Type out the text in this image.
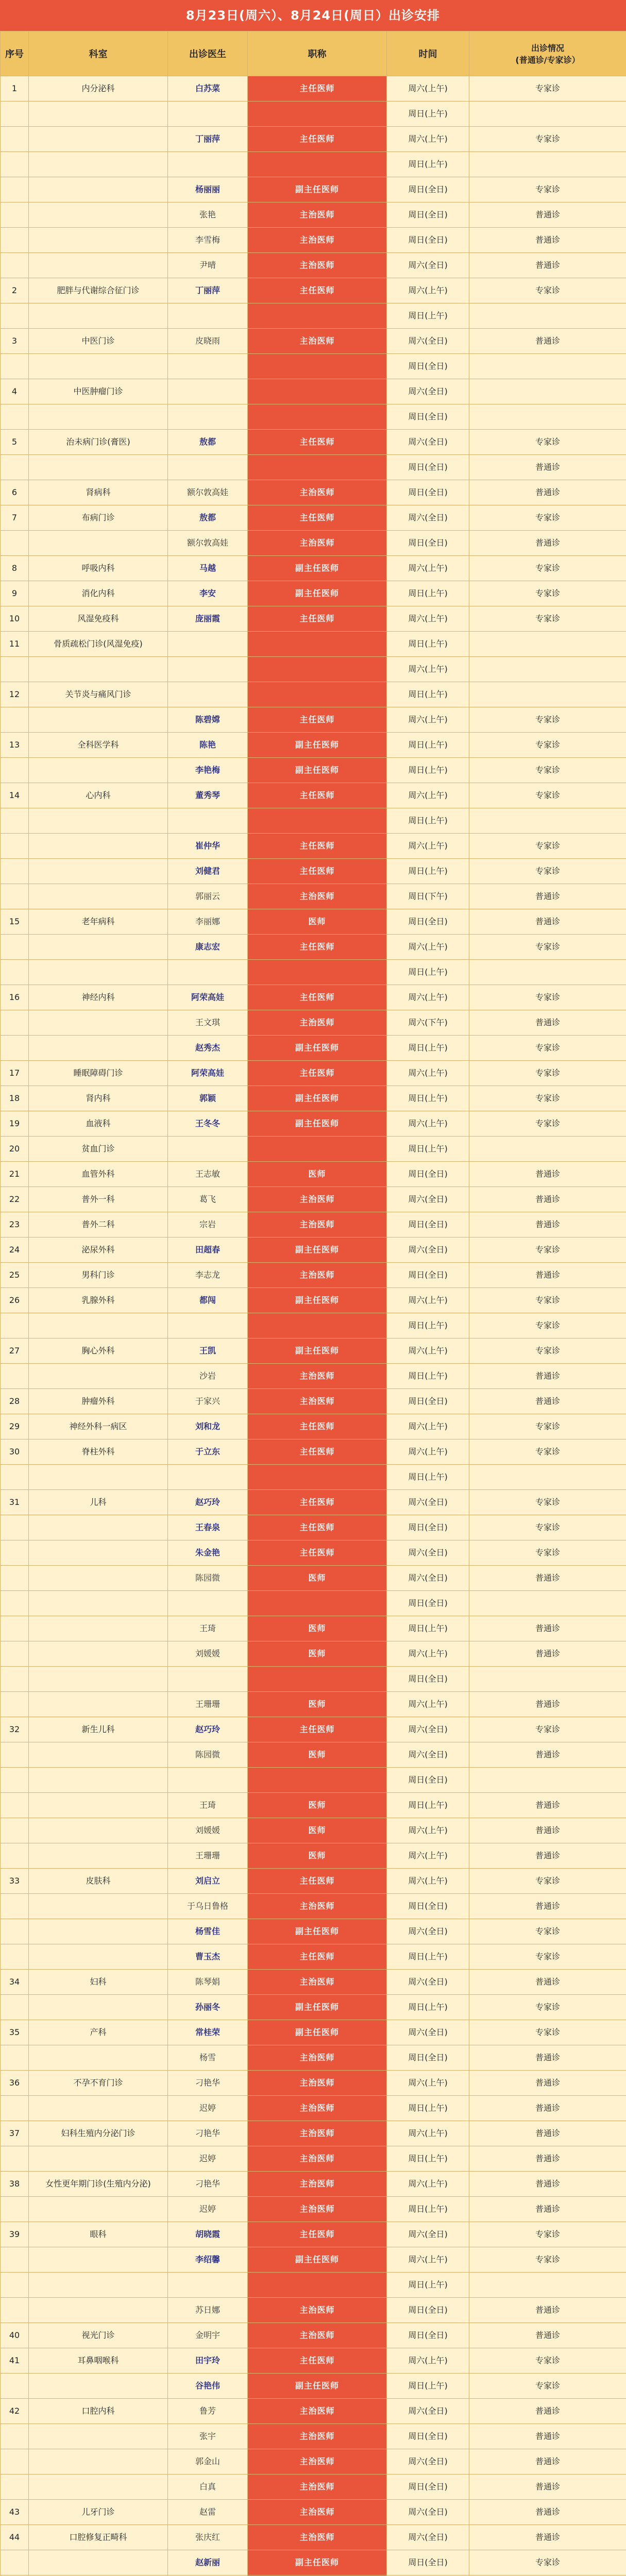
8月23日(周六）、8月24日(周日）出诊安排
序号	科室	出诊医生	职称	时间	出诊情况
(普通诊/专家诊）

1	内分泌科	白苏菜	主任医师	周六(上午)	专家诊
				周日(上午)	
		丁丽萍	主任医师	周六(上午)	专家诊
				周日(上午)	
		杨丽丽	副主任医师	周日(全日)	专家诊
		张艳	主治医师	周日(全日)	普通诊
		李雪梅	主治医师	周日(全日)	普通诊
		尹晴	主治医师	周六(全日)	普通诊
2	肥胖与代谢综合征门诊	丁丽萍	主任医师	周六(上午)	专家诊
				周日(上午)	
3	中医门诊	皮晓雨	主治医师	周六(全日)	普通诊
				周日(全日)	
4	中医肿瘤门诊			周六(全日)	
				周日(全日)	
5	治未病门诊(膏医)	敖都	主任医师	周六(全日)	专家诊
				周日(全日)	普通诊
6	肾病科	额尔敦高娃	主治医师	周日(全日)	普通诊
7	布病门诊	敖都	主任医师	周六(全日)	专家诊
		额尔敦高娃	主治医师	周日(全日)	普通诊
8	呼吸内科	马越	副主任医师	周六(上午)	专家诊
9	消化内科	李安	副主任医师	周日(上午)	专家诊
10	风湿免疫科	庞丽霞	主任医师	周六(上午)	专家诊
11	骨质疏松门诊(风湿免疫)			周日(上午)	
				周六(上午)	
12	关节炎与痛风门诊			周日(上午)	
		陈碧嫦	主任医师	周六(上午)	专家诊
13	全科医学科	陈艳	副主任医师	周日(上午)	专家诊
		李艳梅	副主任医师	周日(上午)	专家诊
14	心内科	董秀琴	主任医师	周六(上午)	专家诊
				周日(上午)	
		崔仲华	主任医师	周六(上午)	专家诊
		刘健君	主任医师	周日(上午)	专家诊
		郭丽云	主治医师	周日(下午)	普通诊
15	老年病科	李丽娜	医师	周日(全日)	普通诊
		康志宏	主任医师	周六(上午)	专家诊
				周日(上午)	
16	神经内科	阿荣高娃	主任医师	周六(上午)	专家诊
		王文琪	主治医师	周六(下午)	普通诊
		赵秀杰	副主任医师	周日(上午)	专家诊
17	睡眠障碍门诊	阿荣高娃	主任医师	周六(上午)	专家诊
18	肾内科	郭颖	副主任医师	周日(上午)	专家诊
19	血液科	王冬冬	副主任医师	周六(上午)	专家诊
20	贫血门诊			周日(上午)	
21	血管外科	王志敏	医师	周日(全日)	普通诊
22	普外一科	葛飞	主治医师	周六(全日)	普通诊
23	普外二科	宗岩	主治医师	周日(全日)	普通诊
24	泌尿外科	田超春	副主任医师	周六(全日)	专家诊
25	男科门诊	李志龙	主治医师	周日(全日)	普通诊
26	乳腺外科	都闯	副主任医师	周六(上午)	专家诊
				周日(上午)	专家诊
27	胸心外科	王凯	副主任医师	周六(上午)	专家诊
		沙岩	主治医师	周日(上午)	普通诊
28	肿瘤外科	于家兴	主治医师	周日(全日)	普通诊
29	神经外科一病区	刘和龙	主任医师	周六(上午)	专家诊
30	脊柱外科	于立东	主任医师	周六(上午)	专家诊
				周日(上午)	
31	儿科	赵巧玲	主任医师	周六(全日)	专家诊
		王春泉	主任医师	周日(全日)	专家诊
		朱金艳	主任医师	周六(全日)	专家诊
		陈园微	医师	周六(全日)	普通诊
				周日(全日)	
		王琦	医师	周日(上午)	普通诊
		刘媛媛	医师	周六(上午)	普通诊
				周日(全日)	
		王珊珊	医师	周六(上午)	普通诊
32	新生儿科	赵巧玲	主任医师	周六(全日)	专家诊
		陈园微	医师	周六(全日)	普通诊
				周日(全日)	
		王琦	医师	周日(上午)	普通诊
		刘媛媛	医师	周六(上午)	普通诊
		王珊珊	医师	周六(上午)	普通诊
33	皮肤科	刘启立	主任医师	周六(上午)	专家诊
		于乌日鲁格	主治医师	周日(全日)	普通诊
		杨雪佳	副主任医师	周六(全日)	专家诊
		曹玉杰	主任医师	周日(上午)	专家诊
34	妇科	陈琴娟	主治医师	周六(全日)	普通诊
		孙丽冬	副主任医师	周日(上午)	专家诊
35	产科	常桂荣	副主任医师	周六(全日)	专家诊
		杨雪	主治医师	周日(全日)	普通诊
36	不孕不育门诊	刁艳华	主治医师	周六(上午)	普通诊
		迟婷	主治医师	周日(上午)	普通诊
37	妇科生殖内分泌门诊	刁艳华	主治医师	周六(上午)	普通诊
		迟婷	主治医师	周日(上午)	普通诊
38	女性更年期门诊(生殖内分泌)	刁艳华	主治医师	周六(上午)	普通诊
		迟婷	主治医师	周日(上午)	普通诊
39	眼科	胡晓霞	主任医师	周六(全日)	专家诊
		李绍馨	副主任医师	周六(上午)	专家诊
				周日(上午)	
		苏日娜	主治医师	周日(全日)	普通诊
40	视光门诊	金明宇	主治医师	周日(全日)	普通诊
41	耳鼻咽喉科	田宇玲	主任医师	周六(上午)	专家诊
		谷艳伟	副主任医师	周日(上午)	专家诊
42	口腔内科	鲁芳	主治医师	周六(全日)	普通诊
		张宇	主治医师	周日(全日)	普通诊
		郭金山	主治医师	周六(全日)	普通诊
		白真	主治医师	周日(全日)	普通诊
43	儿牙门诊	赵雷	主治医师	周六(全日)	普通诊
44	口腔修复正畸科	张庆红	主治医师	周六(全日)	普通诊
		赵新丽	副主任医师	周日(全日)	专家诊
